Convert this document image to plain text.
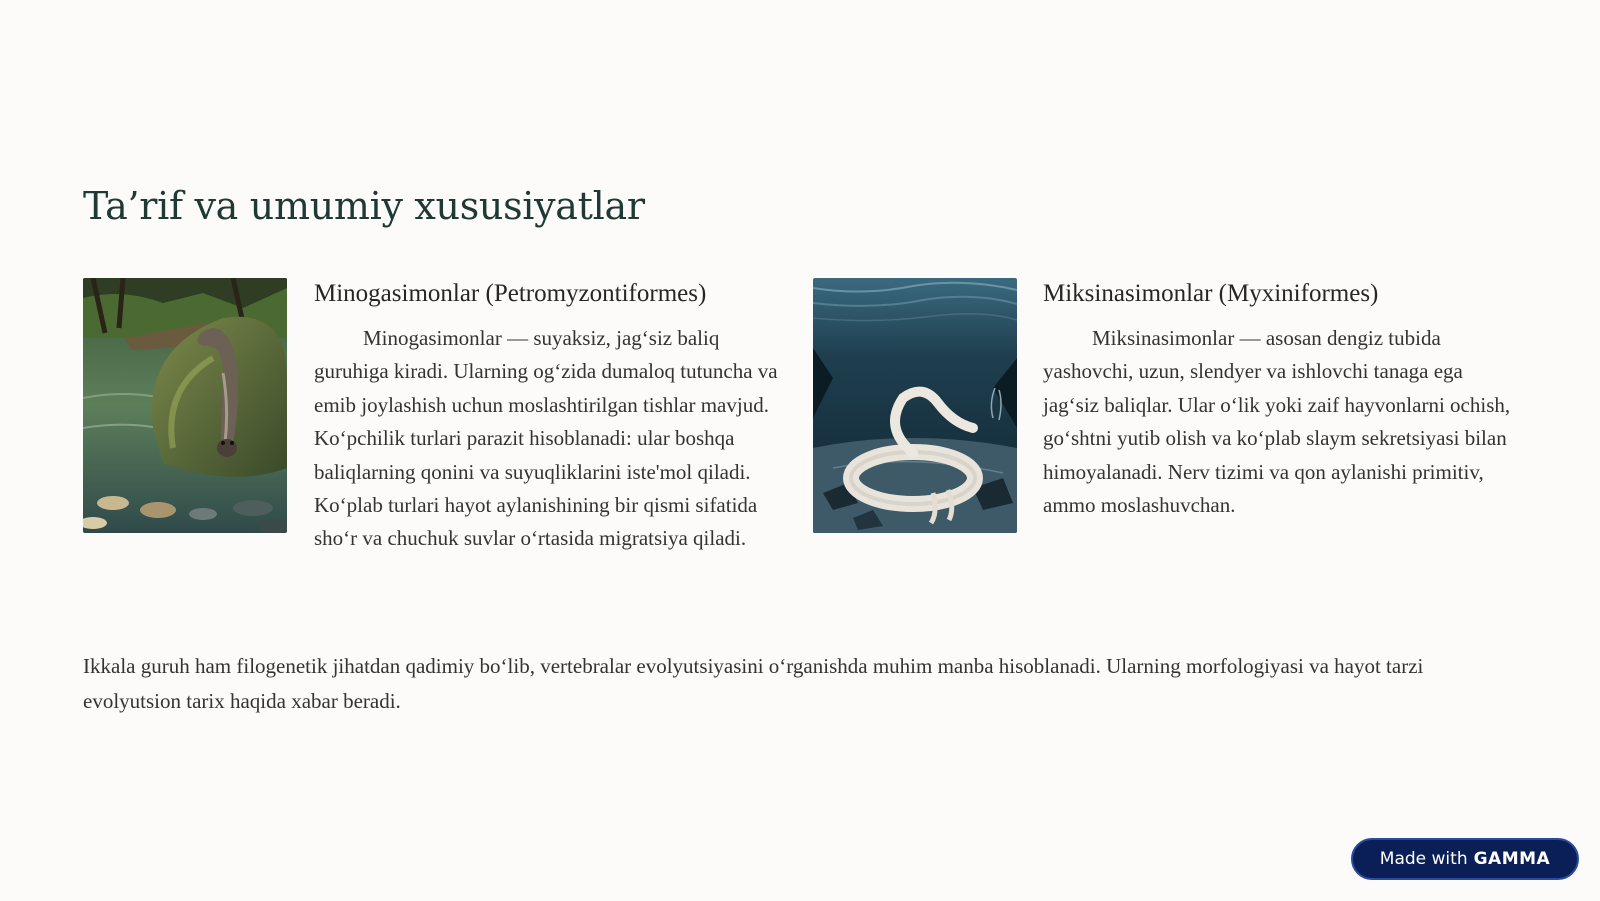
Ta’rif va umumiy xususiyatlar
Minogasimonlar (Petromyzontiformes)

Minogasimonlar — suyaksiz, jag‘siz baliq guruhiga kiradi. Ularning og‘zida dumaloq tutuncha va emib joylashish uchun moslashtirilgan tishlar mavjud. Ko‘pchilik turlari parazit hisoblanadi: ular boshqa baliqlarning qonini va suyuqliklarini iste'mol qiladi. Ko‘plab turlari hayot aylanishining bir qismi sifatida sho‘r va chuchuk suvlar o‘rtasida migratsiya qiladi.

Miksinasimonlar (Myxiniformes)

Miksinasimonlar — asosan dengiz tubida yashovchi, uzun, slendyer va ishlovchi tanaga ega jag‘siz baliqlar. Ular o‘lik yoki zaif hayvonlarni ochish, go‘shtni yutib olish va ko‘plab slaym sekretsiyasi bilan himoyalanadi. Nerv tizimi va qon aylanishi primitiv, ammo moslashuvchan.

Ikkala guruh ham filogenetik jihatdan qadimiy bo‘lib, vertebralar evolyutsiyasini o‘rganishda muhim manba hisoblanadi. Ularning morfologiyasi va hayot tarzi evolyutsion tarix haqida xabar beradi.

Made with GAMMA
